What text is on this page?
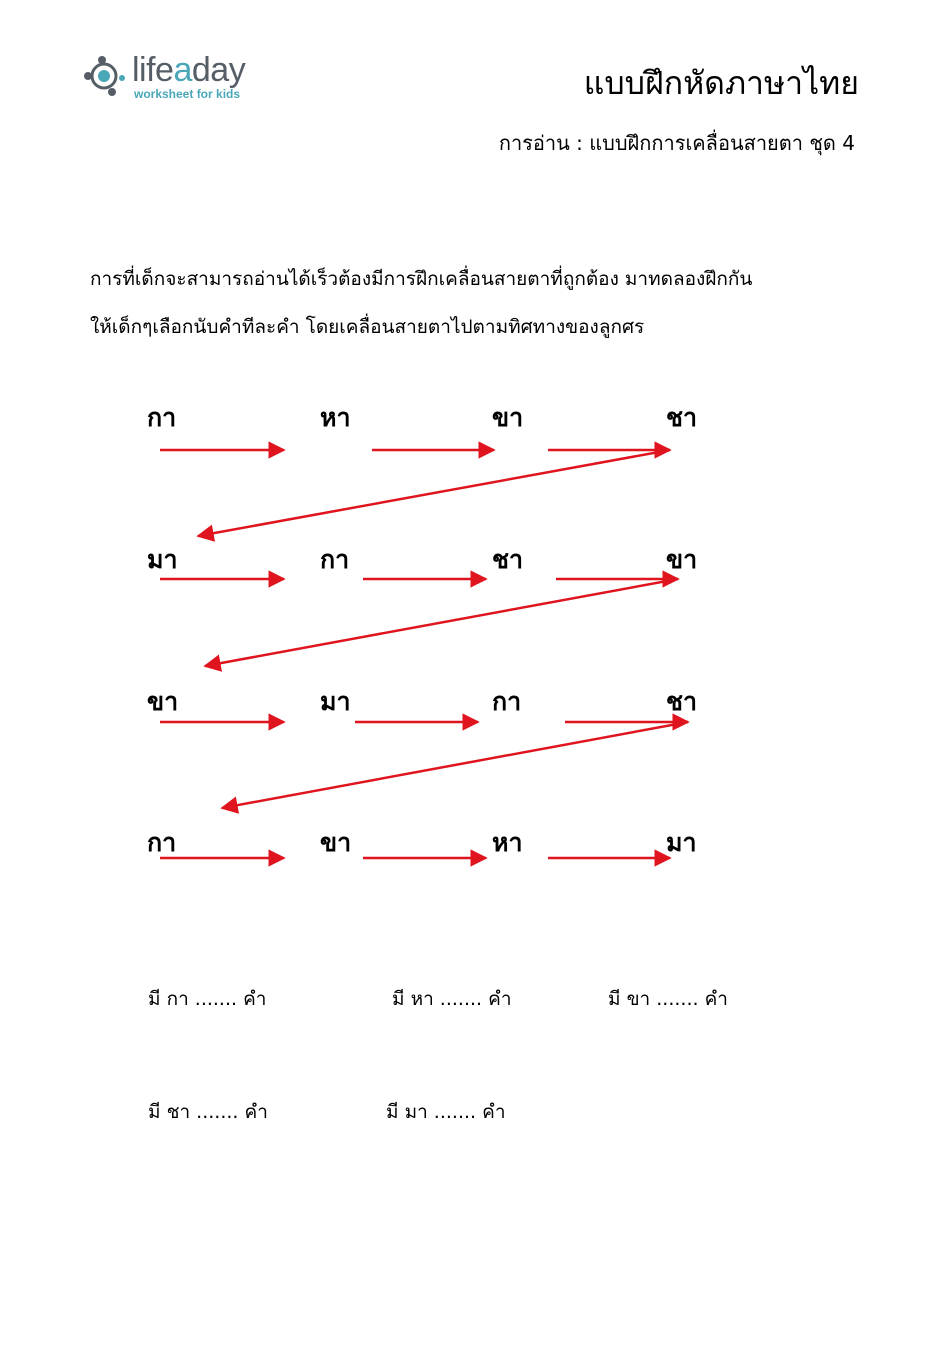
lifeaday
worksheet for kids	แบบฝึกหัดภาษาไทย
การอ่าน : แบบฝึกการเคลื่อนสายตา ชุด 4
การที่เด็กจะสามารถอ่านได้เร็วต้องมีการฝึกเคลื่อนสายตาที่ถูกต้อง มาทดลองฝึกกัน
ให้เด็กๆเลือกนับคำทีละคำ โดยเคลื่อนสายตาไปตามทิศทางของลูกศร
กา	หา	ขา	ชา
มา	กา	ชา	ขา
ขา	มา	กา	ชา
กา	ขา	หา	มา
มี กา ....... คำ	มี หา ....... คำ	มี ขา ....... คำ
มี ชา ....... คำ	มี มา ....... คำ
